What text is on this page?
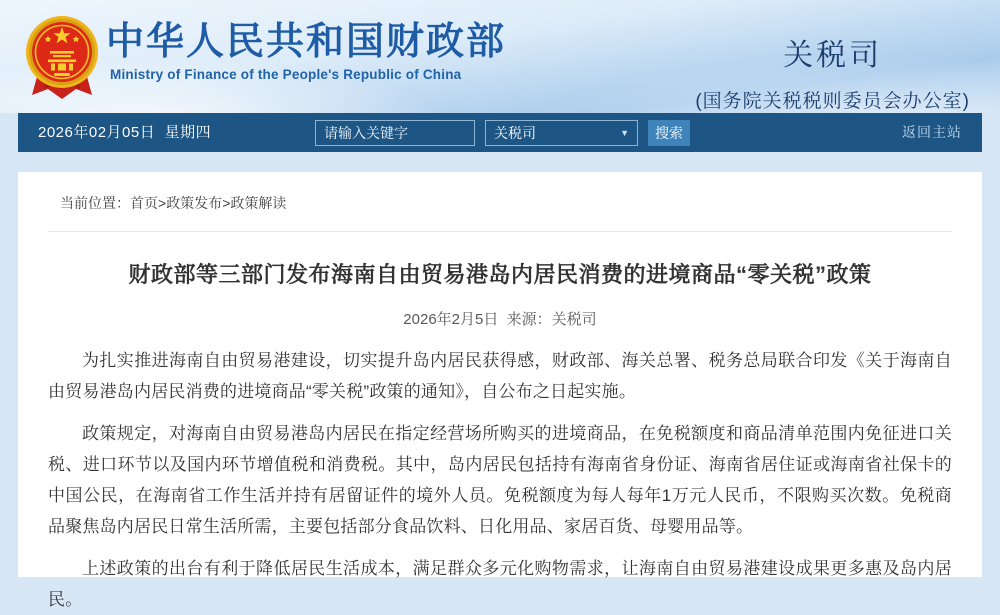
中华人民共和国财政部
Ministry of Finance of the People's Republic of China
关税司
(国务院关税税则委员会办公室)
2026年02月05日  星期四
请输入关键字	关税司	▼	搜索	返回主站
当前位置：首页>政策发布>政策解读
财政部等三部门发布海南自由贸易港岛内居民消费的进境商品“零关税”政策
2026年2月5日  来源：关税司

为扎实推进海南自由贸易港建设，切实提升岛内居民获得感，财政部、海关总署、税务总局联合印发《关于海南自由贸易港岛内居民消费的进境商品“零关税”政策的通知》，自公布之日起实施。

政策规定，对海南自由贸易港岛内居民在指定经营场所购买的进境商品，在免税额度和商品清单范围内免征进口关税、进口环节以及国内环节增值税和消费税。其中，岛内居民包括持有海南省身份证、海南省居住证或海南省社保卡的中国公民，在海南省工作生活并持有居留证件的境外人员。免税额度为每人每年1万元人民币，不限购买次数。免税商品聚焦岛内居民日常生活所需，主要包括部分食品饮料、日化用品、家居百货、母婴用品等。

上述政策的出台有利于降低居民生活成本，满足群众多元化购物需求，让海南自由贸易港建设成果更多惠及岛内居民。
